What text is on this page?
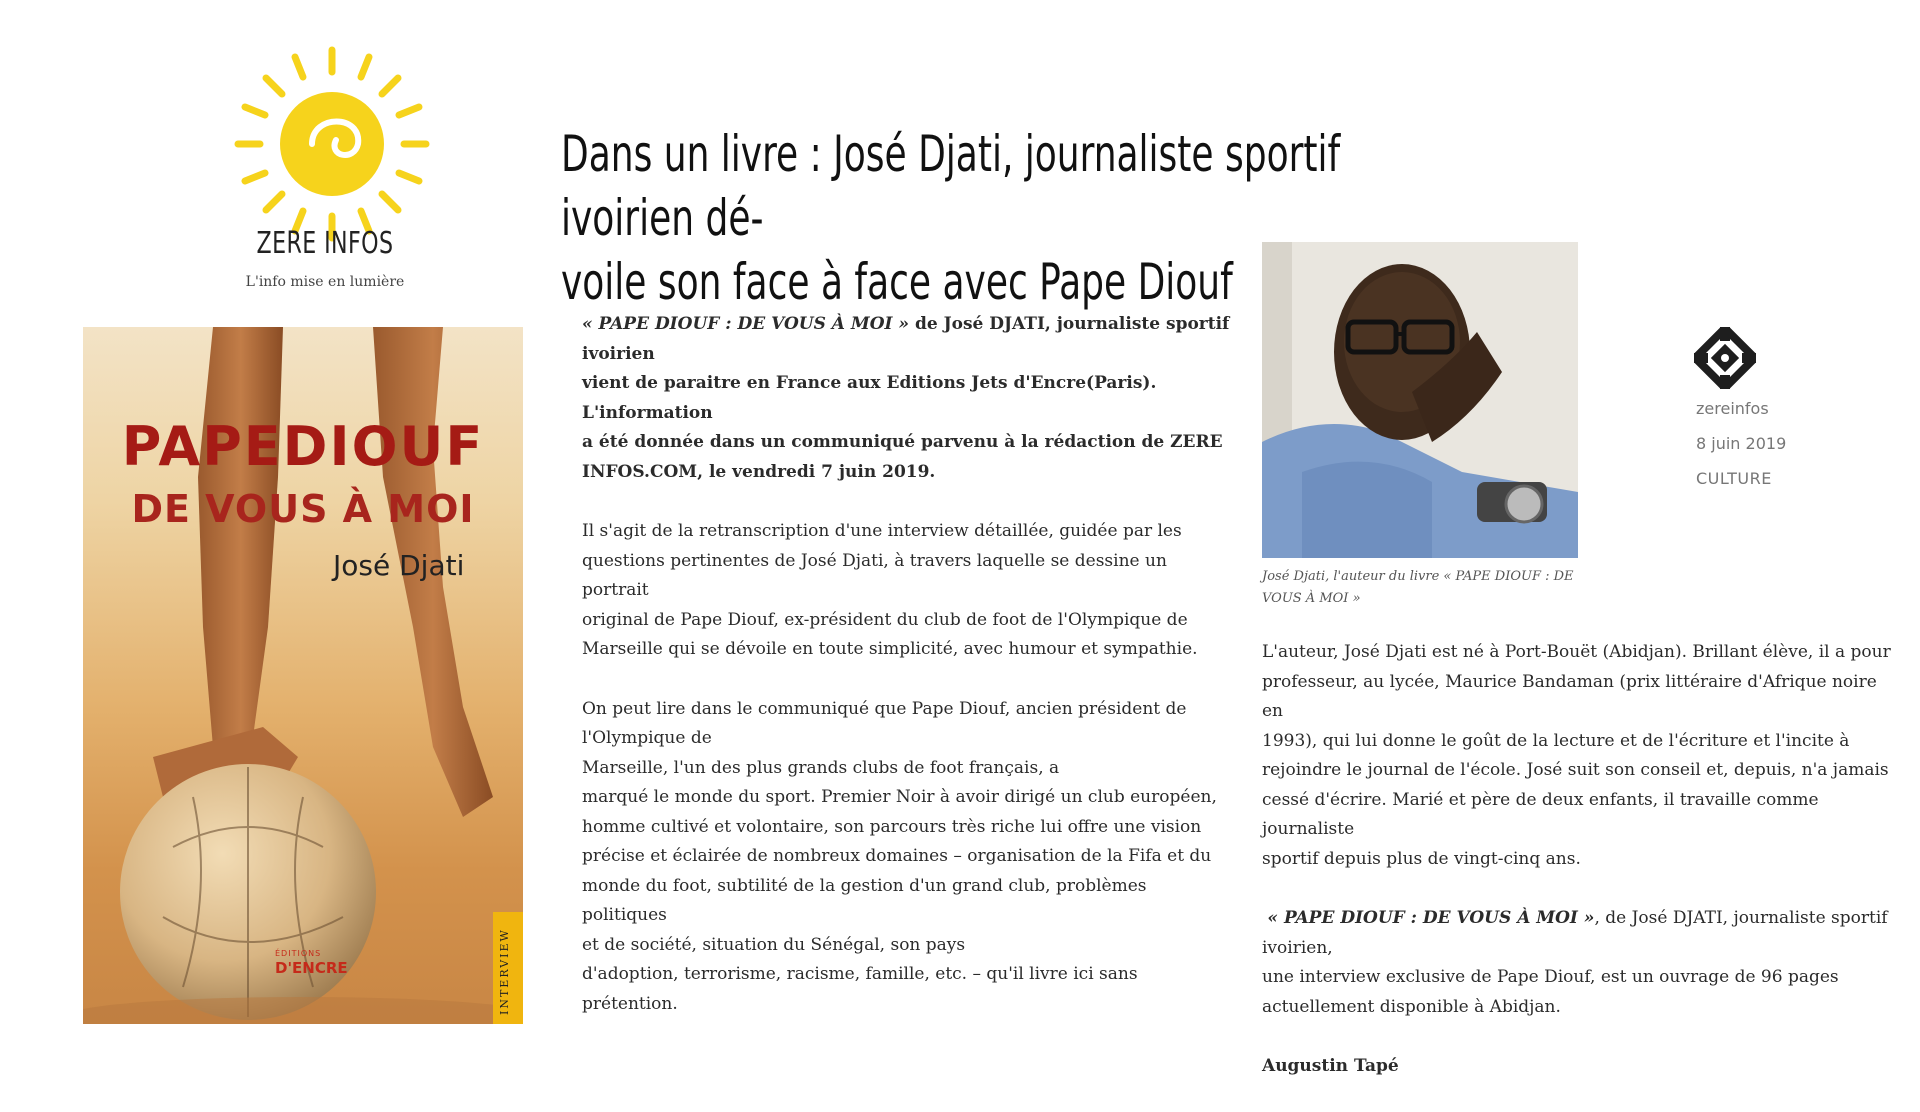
ZERE INFOS
L'info mise en lumière
PAPEDIOUF
DE VOUS À MOI
José Djati
ÉDITIONS
D'ENCRE	INTERVIEW
Dans un livre : José Djati, journaliste sportif ivoirien dé-
voile son face à face avec Pape Diouf

« PAPE DIOUF : DE VOUS À MOI » de José DJATI, journaliste sportif ivoirien
vient de paraitre en France aux Editions Jets d'Encre(Paris). L'information
a été donnée dans un communiqué parvenu à la rédaction de ZERE
INFOS.COM, le vendredi 7 juin 2019.

Il s'agit de la retranscription d'une interview détaillée, guidée par les
questions pertinentes de José Djati, à travers laquelle se dessine un portrait
original de Pape Diouf, ex-président du club de foot de l'Olympique de
Marseille qui se dévoile en toute simplicité, avec humour et sympathie.

On peut lire dans le communiqué que Pape Diouf, ancien président de
l'Olympique de
Marseille, l'un des plus grands clubs de foot français, a
marqué le monde du sport. Premier Noir à avoir dirigé un club européen,
homme cultivé et volontaire, son parcours très riche lui offre une vision
précise et éclairée de nombreux domaines – organisation de la Fifa et du
monde du foot, subtilité de la gestion d'un grand club, problèmes politiques
et de société, situation du Sénégal, son pays
d'adoption, terrorisme, racisme, famille, etc. – qu'il livre ici sans
prétention.

José Djati, l'auteur du livre « PAPE DIOUF : DE
VOUS À MOI »

L'auteur, José Djati est né à Port-Bouët (Abidjan). Brillant élève, il a pour
professeur, au lycée, Maurice Bandaman (prix littéraire d'Afrique noire en
1993), qui lui donne le goût de la lecture et de l'écriture et l'incite à
rejoindre le journal de l'école. José suit son conseil et, depuis, n'a jamais
cessé d'écrire. Marié et père de deux enfants, il travaille comme journaliste
sportif depuis plus de vingt-cinq ans.

« PAPE DIOUF : DE VOUS À MOI », de José DJATI, journaliste sportif ivoirien,
une interview exclusive de Pape Diouf, est un ouvrage de 96 pages
actuellement disponible à Abidjan.

Augustin Tapé

zereinfos
8 juin 2019
CULTURE
